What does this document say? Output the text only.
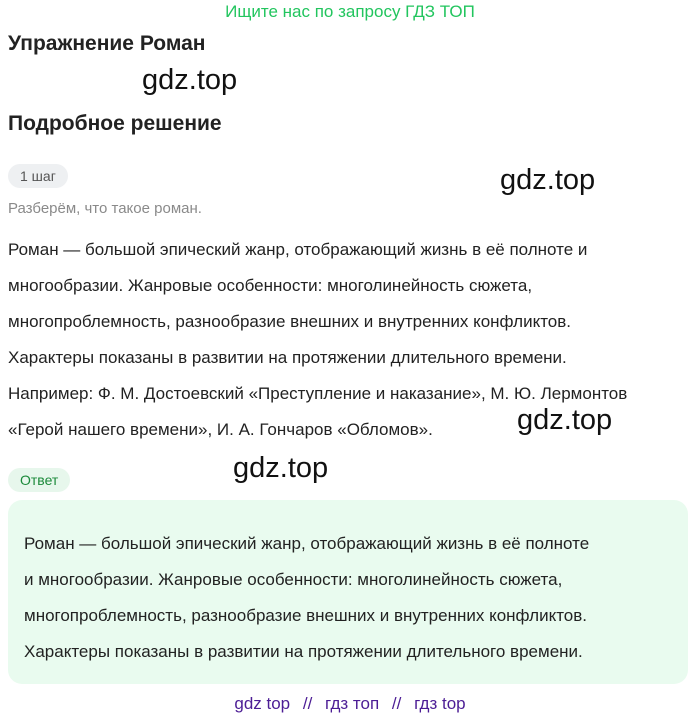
Ищите нас по запросу ГДЗ ТОП
Упражнение Роман
gdz.top
Подробное решение
1 шаг	gdz.top
Разберём, что такое роман.

Роман — большой эпический жанр, отображающий жизнь в её полноте и

многообразии. Жанровые особенности: многолинейность сюжета,

многопроблемность, разнообразие внешних и внутренних конфликтов.

Характеры показаны в развитии на протяжении длительного времени.

Например: Ф. М. Достоевский «Преступление и наказание», М. Ю. Лермонтов

«Герой нашего времени», И. А. Гончаров «Обломов».	gdz.top
gdz.top
Ответ

Роман — большой эпический жанр, отображающий жизнь в её полноте

и многообразии. Жанровые особенности: многолинейность сюжета,

многопроблемность, разнообразие внешних и внутренних конфликтов.

Характеры показаны в развитии на протяжении длительного времени.

gdz top // гдз топ // гдз top
